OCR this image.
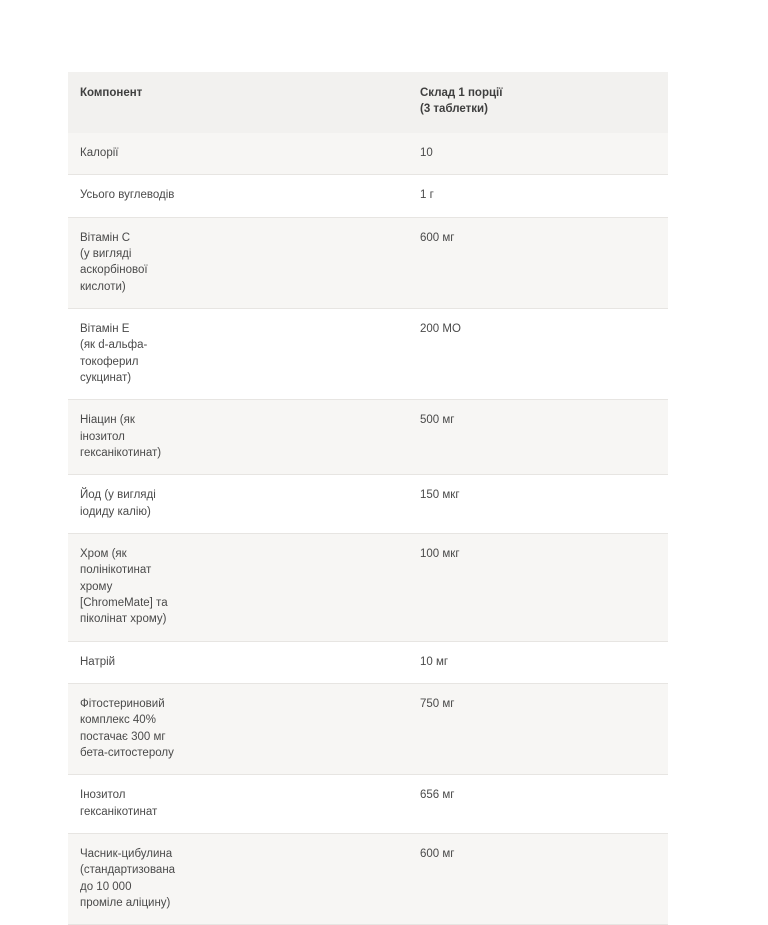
Компонент	Склад 1 порції
(3 таблетки)

Калорії	10

Усього вуглеводів	1 г

Вітамін C
(у вигляді
аскорбінової
кислоти)	600 мг

Вітамін E
(як d-альфа-
токоферил
сукцинат)	200 МО

Ніацин (як
інозитол
гексанікотинат)	500 мг

Йод (у вигляді
іодиду калію)	150 мкг

Хром (як
полінікотинат
хрому
[ChromeMate] та
піколінат хрому)	100 мкг

Натрій	10 мг

Фітостериновий
комплекс 40%
постачає 300 мг
бета-ситостеролу	750 мг

Інозитол
гексанікотинат	656 мг

Часник-цибулина
(стандартизована
до 10 000
проміле аліцину)	600 мг
